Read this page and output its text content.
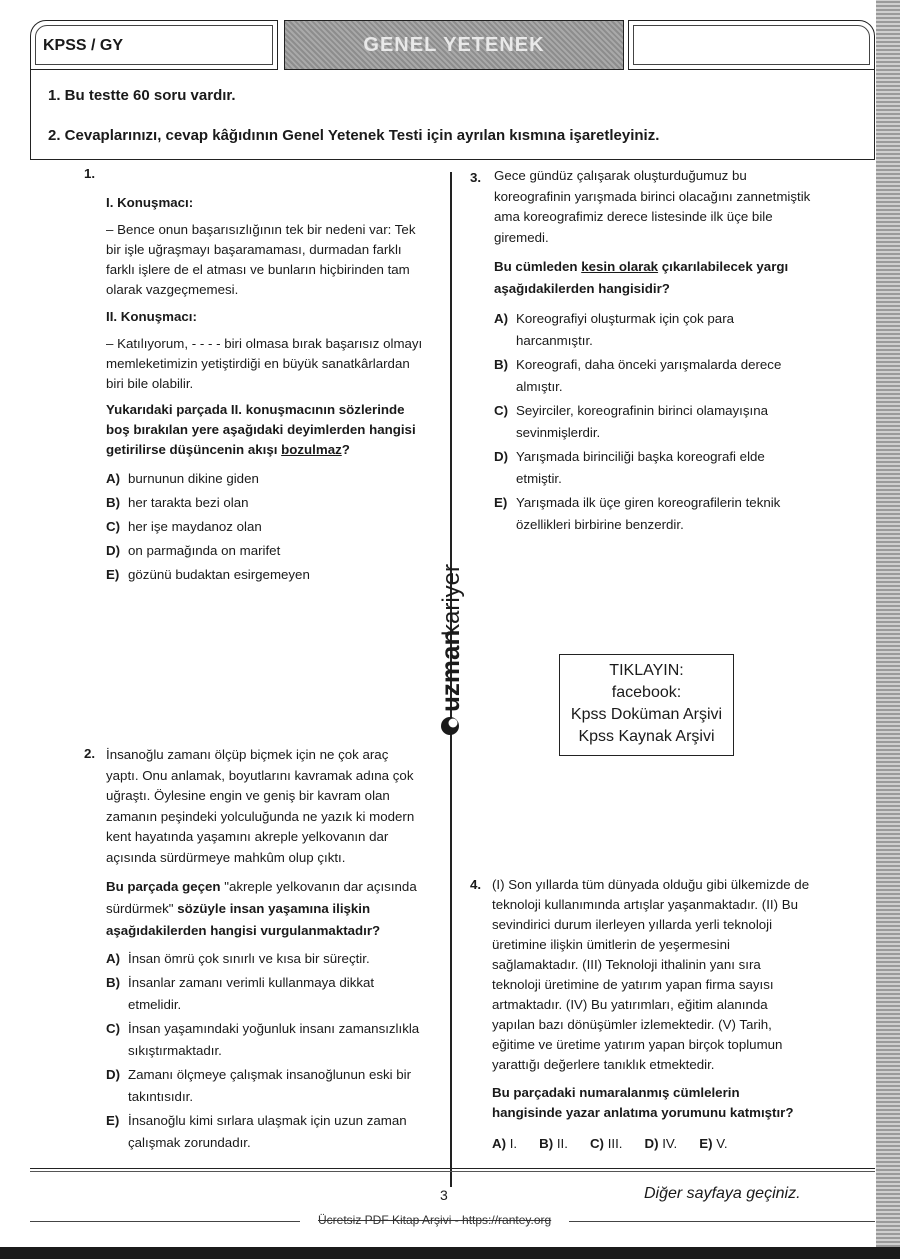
KPSS / GY	GENEL YETENEK
1. Bu testte 60 soru vardır.
2. Cevaplarınızı, cevap kâğıdının Genel Yetenek Testi için ayrılan kısmına işaretleyiniz.
1.

I. Konuşmacı:

– Bence onun başarısızlığının tek bir nedeni var: Tek bir işle uğraşmayı başaramaması, durmadan farklı farklı işlere de el atması ve bunların hiçbirinden tam olarak vazgeçmemesi.

II. Konuşmacı:

– Katılıyorum, - - - - biri olmasa bırak başarısız olmayı memleketimizin yetiştirdiği en büyük sanatkârlardan biri bile olabilir.

Yukarıdaki parçada II. konuşmacının sözlerinde boş bırakılan yere aşağıdaki deyimlerden hangisi getirilirse düşüncenin akışı bozulmaz?

A) burnunun dikine giden
B) her tarakta bezi olan
C) her işe maydanoz olan
D) on parmağında on marifet
E) gözünü budaktan esirgemeyen
2. İnsanoğlu zamanı ölçüp biçmek için ne çok araç yaptı. Onu anlamak, boyutlarını kavramak adına çok uğraştı. Öylesine engin ve geniş bir kavram olan zamanın peşindeki yolculuğunda ne yazık ki modern kent hayatında yaşamını akreple yelkovanın dar açısında sürdürmeye mahkûm olup çıktı.

Bu parçada geçen "akreple yelkovanın dar açısında sürdürmek" sözüyle insan yaşamına ilişkin aşağıdakilerden hangisi vurgulanmaktadır?

A) İnsan ömrü çok sınırlı ve kısa bir süreçtir.
B) İnsanlar zamanı verimli kullanmaya dikkat etmelidir.
C) İnsan yaşamındaki yoğunluk insanı zamansızlıkla sıkıştırmaktadır.
D) Zamanı ölçmeye çalışmak insanoğlunun eski bir takıntısıdır.
E) İnsanoğlu kimi sırlara ulaşmak için uzun zaman çalışmak zorundadır.
uzman
kariyer
3. Gece gündüz çalışarak oluşturduğumuz bu koreografinin yarışmada birinci olacağını zannetmiştik ama koreografimiz derece listesinde ilk üçe bile giremedi.

Bu cümleden kesin olarak çıkarılabilecek yargı aşağıdakilerden hangisidir?

A) Koreografiyi oluşturmak için çok para harcanmıştır.
B) Koreografi, daha önceki yarışmalarda derece almıştır.
C) Seyirciler, koreografinin birinci olamayışına sevinmişlerdir.
D) Yarışmada birinciliği başka koreografi elde etmiştir.
E) Yarışmada ilk üçe giren koreografilerin teknik özellikleri birbirine benzerdir.
TIKLAYIN:
facebook:
Kpss Doküman Arşivi
Kpss Kaynak Arşivi
4. (I) Son yıllarda tüm dünyada olduğu gibi ülkemizde de teknoloji kullanımında artışlar yaşanmaktadır. (II) Bu sevindirici durum ilerleyen yıllarda yerli teknoloji üretimine ilişkin ümitlerin de yeşermesini sağlamaktadır. (III) Teknoloji ithalinin yanı sıra teknoloji üretimine de yatırım yapan firma sayısı artmaktadır. (IV) Bu yatırımları, eğitim alanında yapılan bazı dönüşümler izlemektedir. (V) Tarih, eğitime ve üretime yatırım yapan birçok toplumun yarattığı değerlere tanıklık etmektedir.

Bu parçadaki numaralanmış cümlelerin hangisinde yazar anlatıma yorumunu katmıştır?

A)
I. B)
II. C)
III. D)
IV. E)
V.
3	Diğer sayfaya geçiniz.
Ücretsiz PDF Kitap Arşivi - https://rantey.org
